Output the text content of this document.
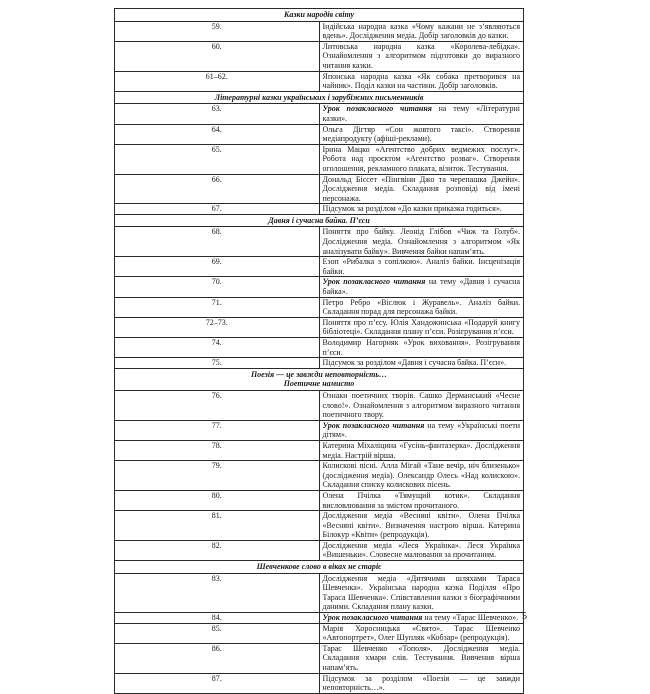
Казки народів світу	
59.	Індійська народна казка «Чому кажани не з’являються вдень». Дослідження медіа. Добір заголовків до казки.
60.	Литовська народна казка «Королева-лебідка». Ознайомлення з алгоритмом підготовки до виразного читання казки.
61–62.	Японська народна казка «Як собака претворився на чайник». Поділ казки на частини. Добір заголовків.
Літературні казки українських і зарубіжних письменників	
63.	Урок позакласного читання на тему «Літературні казки».
64.	Ольга Дігтяр «Сон жовтого таксі». Створення медіапродукту (афіші-реклами).
65.	Ірина Мацко «Агентство добрих ведмежих послуг». Робота над проєктом «Агентство розваг». Створення оголошення, рекламного плаката, візиток. Тестування.
66.	Дональд Біссет «Пінгвіни Джо та черепашка Джейн». Дослідження медіа. Складання розповіді від імені персонажа.
67.	Підсумок за розділом «До казки приказка годиться».
Давня і сучасна байка. П’єси	
68.	Поняття про байку. Леонід Глібов «Чиж та Голуб». Дослідження медіа. Ознайомлення з алгоритмом «Як аналізувати байку». Вивчення байки напам’ять.
69.	Езоп «Рибалка з сопілкою». Аналіз байки. Інсценізація байки.
70.	Урок позакласного читання на тему «Давня і сучасна байка».
71.	Петро Ребро «Віслюк і Журавель». Аналіз байки. Складання порад для персонажа байки.
72–73.	Поняття про п’єсу. Юлія Хандожинська «Подаруй книгу бібліотеці». Складання плану п’єси. Розігрування п’єси.
74.	Володимир Нагорняк «Урок виховання». Розігрування п’єси.
75.	Підсумок за розділом «Давня і сучасна байка. П’єси».
Поезія — це завжди неповторність…
Поетичне намисто	
76.	Ознаки поетичних творів. Сашко Дерманський «Чесне слово!». Ознайомлення з алгоритмом виразного читання поетичного твору.
77.	Урок позакласного читання на тему «Українські поети дітям».
78.	Катерина Міхаліцина «Гусінь-фантазерка». Дослідження медіа. Настрій вірша.
79.	Колискові пісні. Алла Мігай «Тане вечір, ніч близенько» (дослідження медіа). Олександр Олесь «Над колискою». Складання списку колискових пісень.
80.	Олена Пчілка «Тямущий котик». Складання висловлювання за змістом прочитаного.
81.	Дослідження медіа «Весняні квіти». Олена Пчілка «Весняні квіти». Визначення настрою вірша. Катерина Білокур «Квіти» (репродукція).
82.	Дослідження медіа «Леся Українка». Леся Українка «Вишеньки». Словесне малювання за прочитаним.
Шевченкове слово в віках не старіє	
83.	Дослідження медіа «Дитячими шляхами Тараса Шевченка». Українська народна казка Поділля «Про Тараса Шевченка». Співставлення казки з біографічними даними. Складання плану казки.
84.	Урок позакласного читання на тему «Тарас Шевченко».
85.	Марія Хоросницька «Свято». Тарас Шевченко «Автопортрет», Олег Шупляк «Кобзар» (репродукція).
86.	Тарас Шевченко «Тополя». Дослідження медіа. Складання хмари слів. Тестування. Вивчення вірша напам’ять.
87.	Підсумок за розділом «Поезія — це завжди неповторність…».
5
